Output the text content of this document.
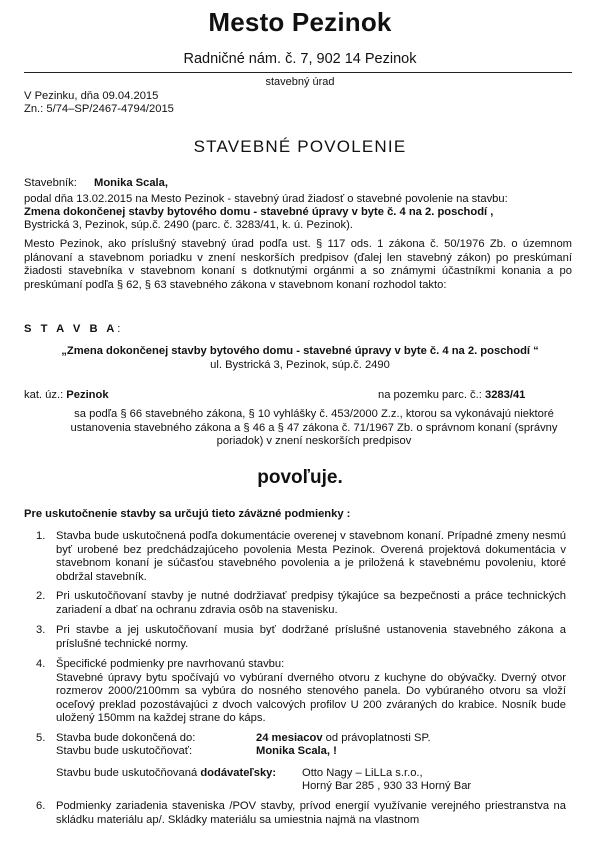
Mesto Pezinok
Radničné nám. č. 7, 902 14 Pezinok
stavebný úrad
V Pezinku, dňa 09.04.2015
Zn.: 5/74–SP/2467-4794/2015
STAVEBNÉ POVOLENIE
Stavebník: Monika Scala,
podal dňa 13.02.2015 na Mesto Pezinok - stavebný úrad žiadosť o stavebné povolenie na stavbu:
Zmena dokončenej stavby bytového domu - stavebné úpravy v byte č. 4 na 2. poschodí ,
Bystrická 3, Pezinok, súp.č. 2490 (parc. č. 3283/41, k. ú. Pezinok).
Mesto Pezinok, ako príslušný stavebný úrad podľa ust. § 117 ods. 1 zákona č. 50/1976 Zb. o územnom plánovaní a stavebnom poriadku v znení neskorších predpisov (ďalej len stavebný zákon) po preskúmaní žiadosti stavebníka v stavebnom konaní s dotknutými orgánmi a so známymi účastníkmi konania a po preskúmaní podľa § 62, § 63 stavebného zákona v stavebnom konaní rozhodol takto:
S T A V B A:
„Zmena dokončenej stavby bytového domu - stavebné úpravy v byte č. 4 na 2. poschodí “
ul. Bystrická 3, Pezinok, súp.č. 2490
kat. úz.: Pezinok	na pozemku parc. č.: 3283/41
sa podľa § 66 stavebného zákona, § 10 vyhlášky č. 453/2000 Z.z., ktorou sa vykonávajú niektoré ustanovenia stavebného zákona a § 46 a § 47 zákona č. 71/1967 Zb. o správnom konaní (správny poriadok) v znení neskorších predpisov
povoľuje.
Pre uskutočnenie stavby sa určujú tieto záväzné podmienky :
1. Stavba bude uskutočnená podľa dokumentácie overenej v stavebnom konaní. Prípadné zmeny nesmú byť urobené bez predchádzajúceho povolenia Mesta Pezinok. Overená projektová dokumentácia v stavebnom konaní je súčasťou stavebného povolenia a je priložená k stavebnému povoleniu, ktoré obdržal stavebník.
2. Pri uskutočňovaní stavby je nutné dodržiavať predpisy týkajúce sa bezpečnosti a práce technických zariadení a dbať na ochranu zdravia osôb na stavenisku.
3. Pri stavbe a jej uskutočňovaní musia byť dodržané príslušné ustanovenia stavebného zákona a príslušné technické normy.
4. Špecifické podmienky pre navrhovanú stavbu:
Stavebné úpravy bytu spočívajú vo vybúraní dverného otvoru z kuchyne do obývačky. Dverný otvor rozmerov 2000/2100mm sa vybúra do nosného stenového panela. Do vybúraného otvoru sa vloží oceľový preklad pozostávajúci z dvoch valcových profilov U 200 zváraných do krabice. Nosník bude uložený 150mm na každej strane do káps.
5. Stavba bude dokončená do:	24 mesiacov od právoplatnosti SP.
Stavbu bude uskutočňovať:	Monika Scala, !
Stavbu bude uskutočňovaná dodávateľsky: Otto Nagy – LiLLa s.r.o.,
Horný Bar 285 , 930 33 Horný Bar
6. Podmienky zariadenia staveniska /POV stavby, prívod energií využívanie verejného priestranstva na skládku materiálu ap/. Skládky materiálu sa umiestnia najmä na vlastnom
